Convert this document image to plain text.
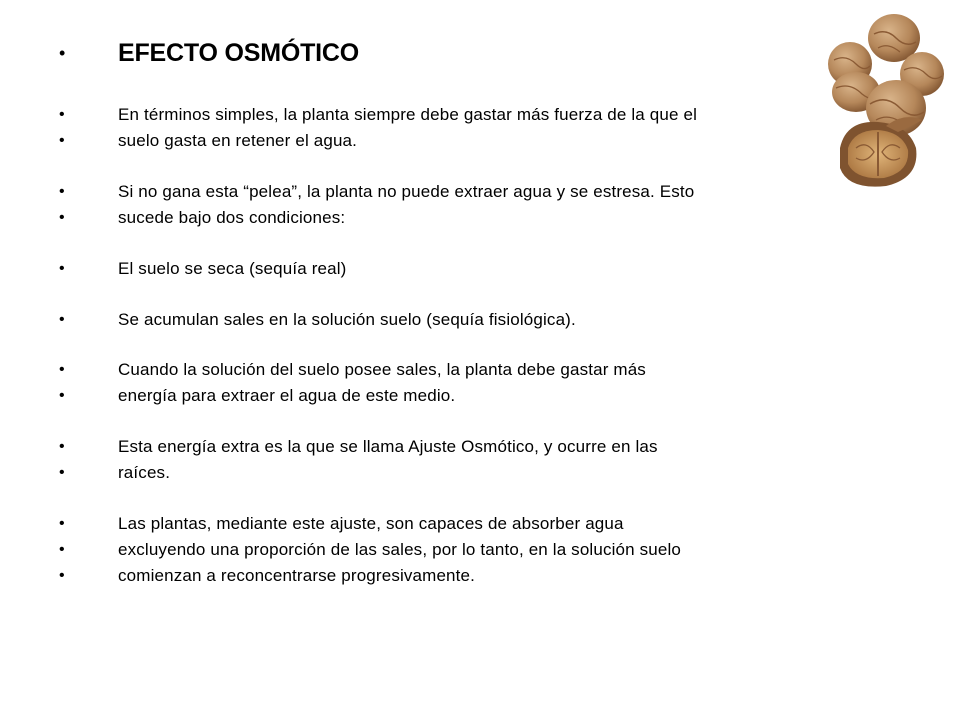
• EFECTO OSMÓTICO
•	En términos simples, la planta siempre debe gastar más fuerza de la que el
•	suelo gasta en retener el agua.
•	Si no gana esta “pelea”, la planta no puede extraer agua y se estresa. Esto
•	sucede bajo dos condiciones:
•	El suelo se seca (sequía real)
•	Se acumulan sales en la solución suelo (sequía fisiológica).
•	Cuando la solución del suelo posee sales, la planta debe gastar más
•	energía para extraer el agua de este medio.
•	Esta energía extra es la que se llama Ajuste Osmótico, y ocurre en las
•	raíces.
•	Las plantas, mediante este ajuste, son capaces de absorber agua
•	excluyendo una proporción de las sales, por lo tanto, en la solución suelo
•	comienzan a reconcentrarse progresivamente.
